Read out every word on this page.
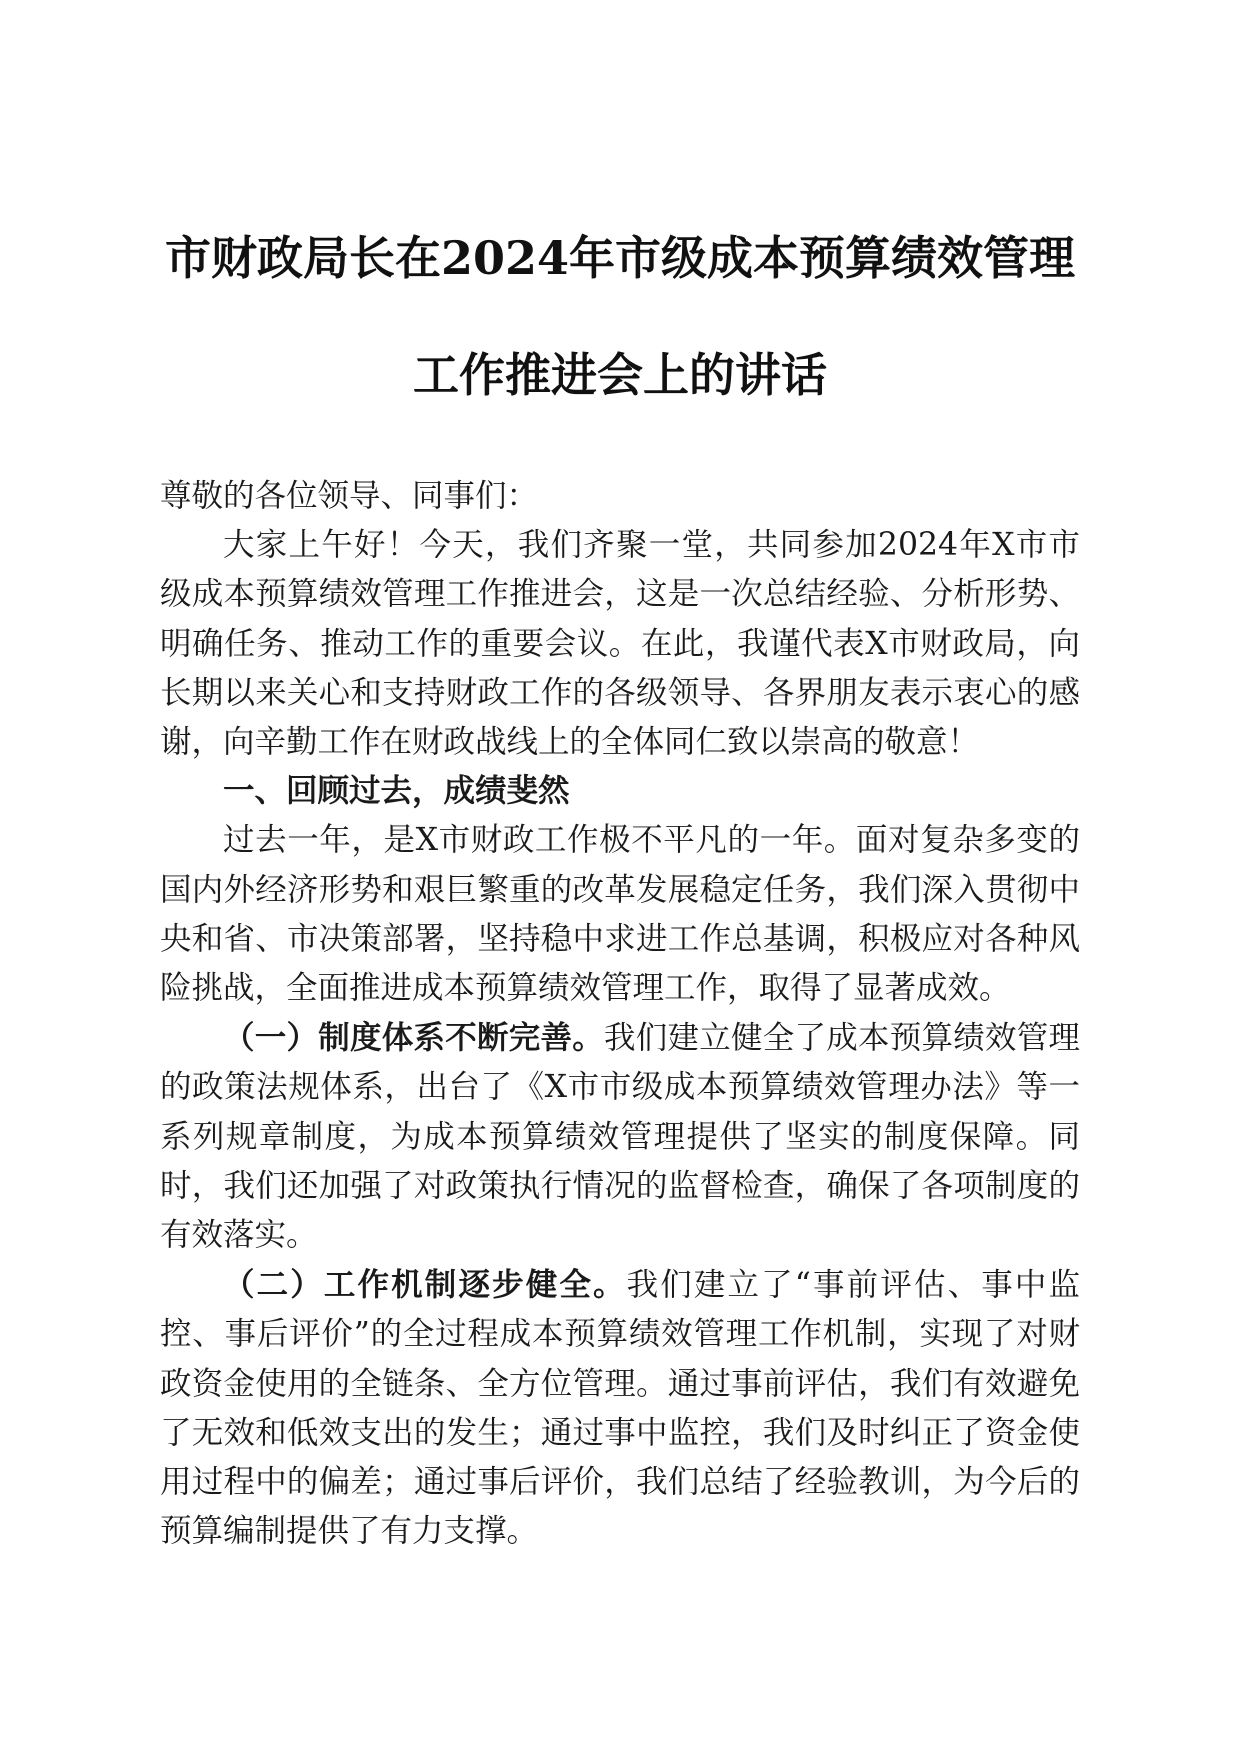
市财政局长在2024年市级成本预算绩效管理
工作推进会上的讲话

尊敬的各位领导、同事们：

大家上午好！今天，我们齐聚一堂，共同参加2024年X市市级成本预算绩效管理工作推进会，这是一次总结经验、分析形势、明确任务、推动工作的重要会议。在此，我谨代表X市财政局，向长期以来关心和支持财政工作的各级领导、各界朋友表示衷心的感谢，向辛勤工作在财政战线上的全体同仁致以崇高的敬意！

一、回顾过去，成绩斐然

过去一年，是X市财政工作极不平凡的一年。面对复杂多变的国内外经济形势和艰巨繁重的改革发展稳定任务，我们深入贯彻中央和省、市决策部署，坚持稳中求进工作总基调，积极应对各种风险挑战，全面推进成本预算绩效管理工作，取得了显著成效。

（一）制度体系不断完善。我们建立健全了成本预算绩效管理的政策法规体系，出台了《X市市级成本预算绩效管理办法》等一系列规章制度，为成本预算绩效管理提供了坚实的制度保障。同时，我们还加强了对政策执行情况的监督检查，确保了各项制度的有效落实。

（二）工作机制逐步健全。我们建立了“事前评估、事中监控、事后评价”的全过程成本预算绩效管理工作机制，实现了对财政资金使用的全链条、全方位管理。通过事前评估，我们有效避免了无效和低效支出的发生；通过事中监控，我们及时纠正了资金使用过程中的偏差；通过事后评价，我们总结了经验教训，为今后的预算编制提供了有力支撑。
